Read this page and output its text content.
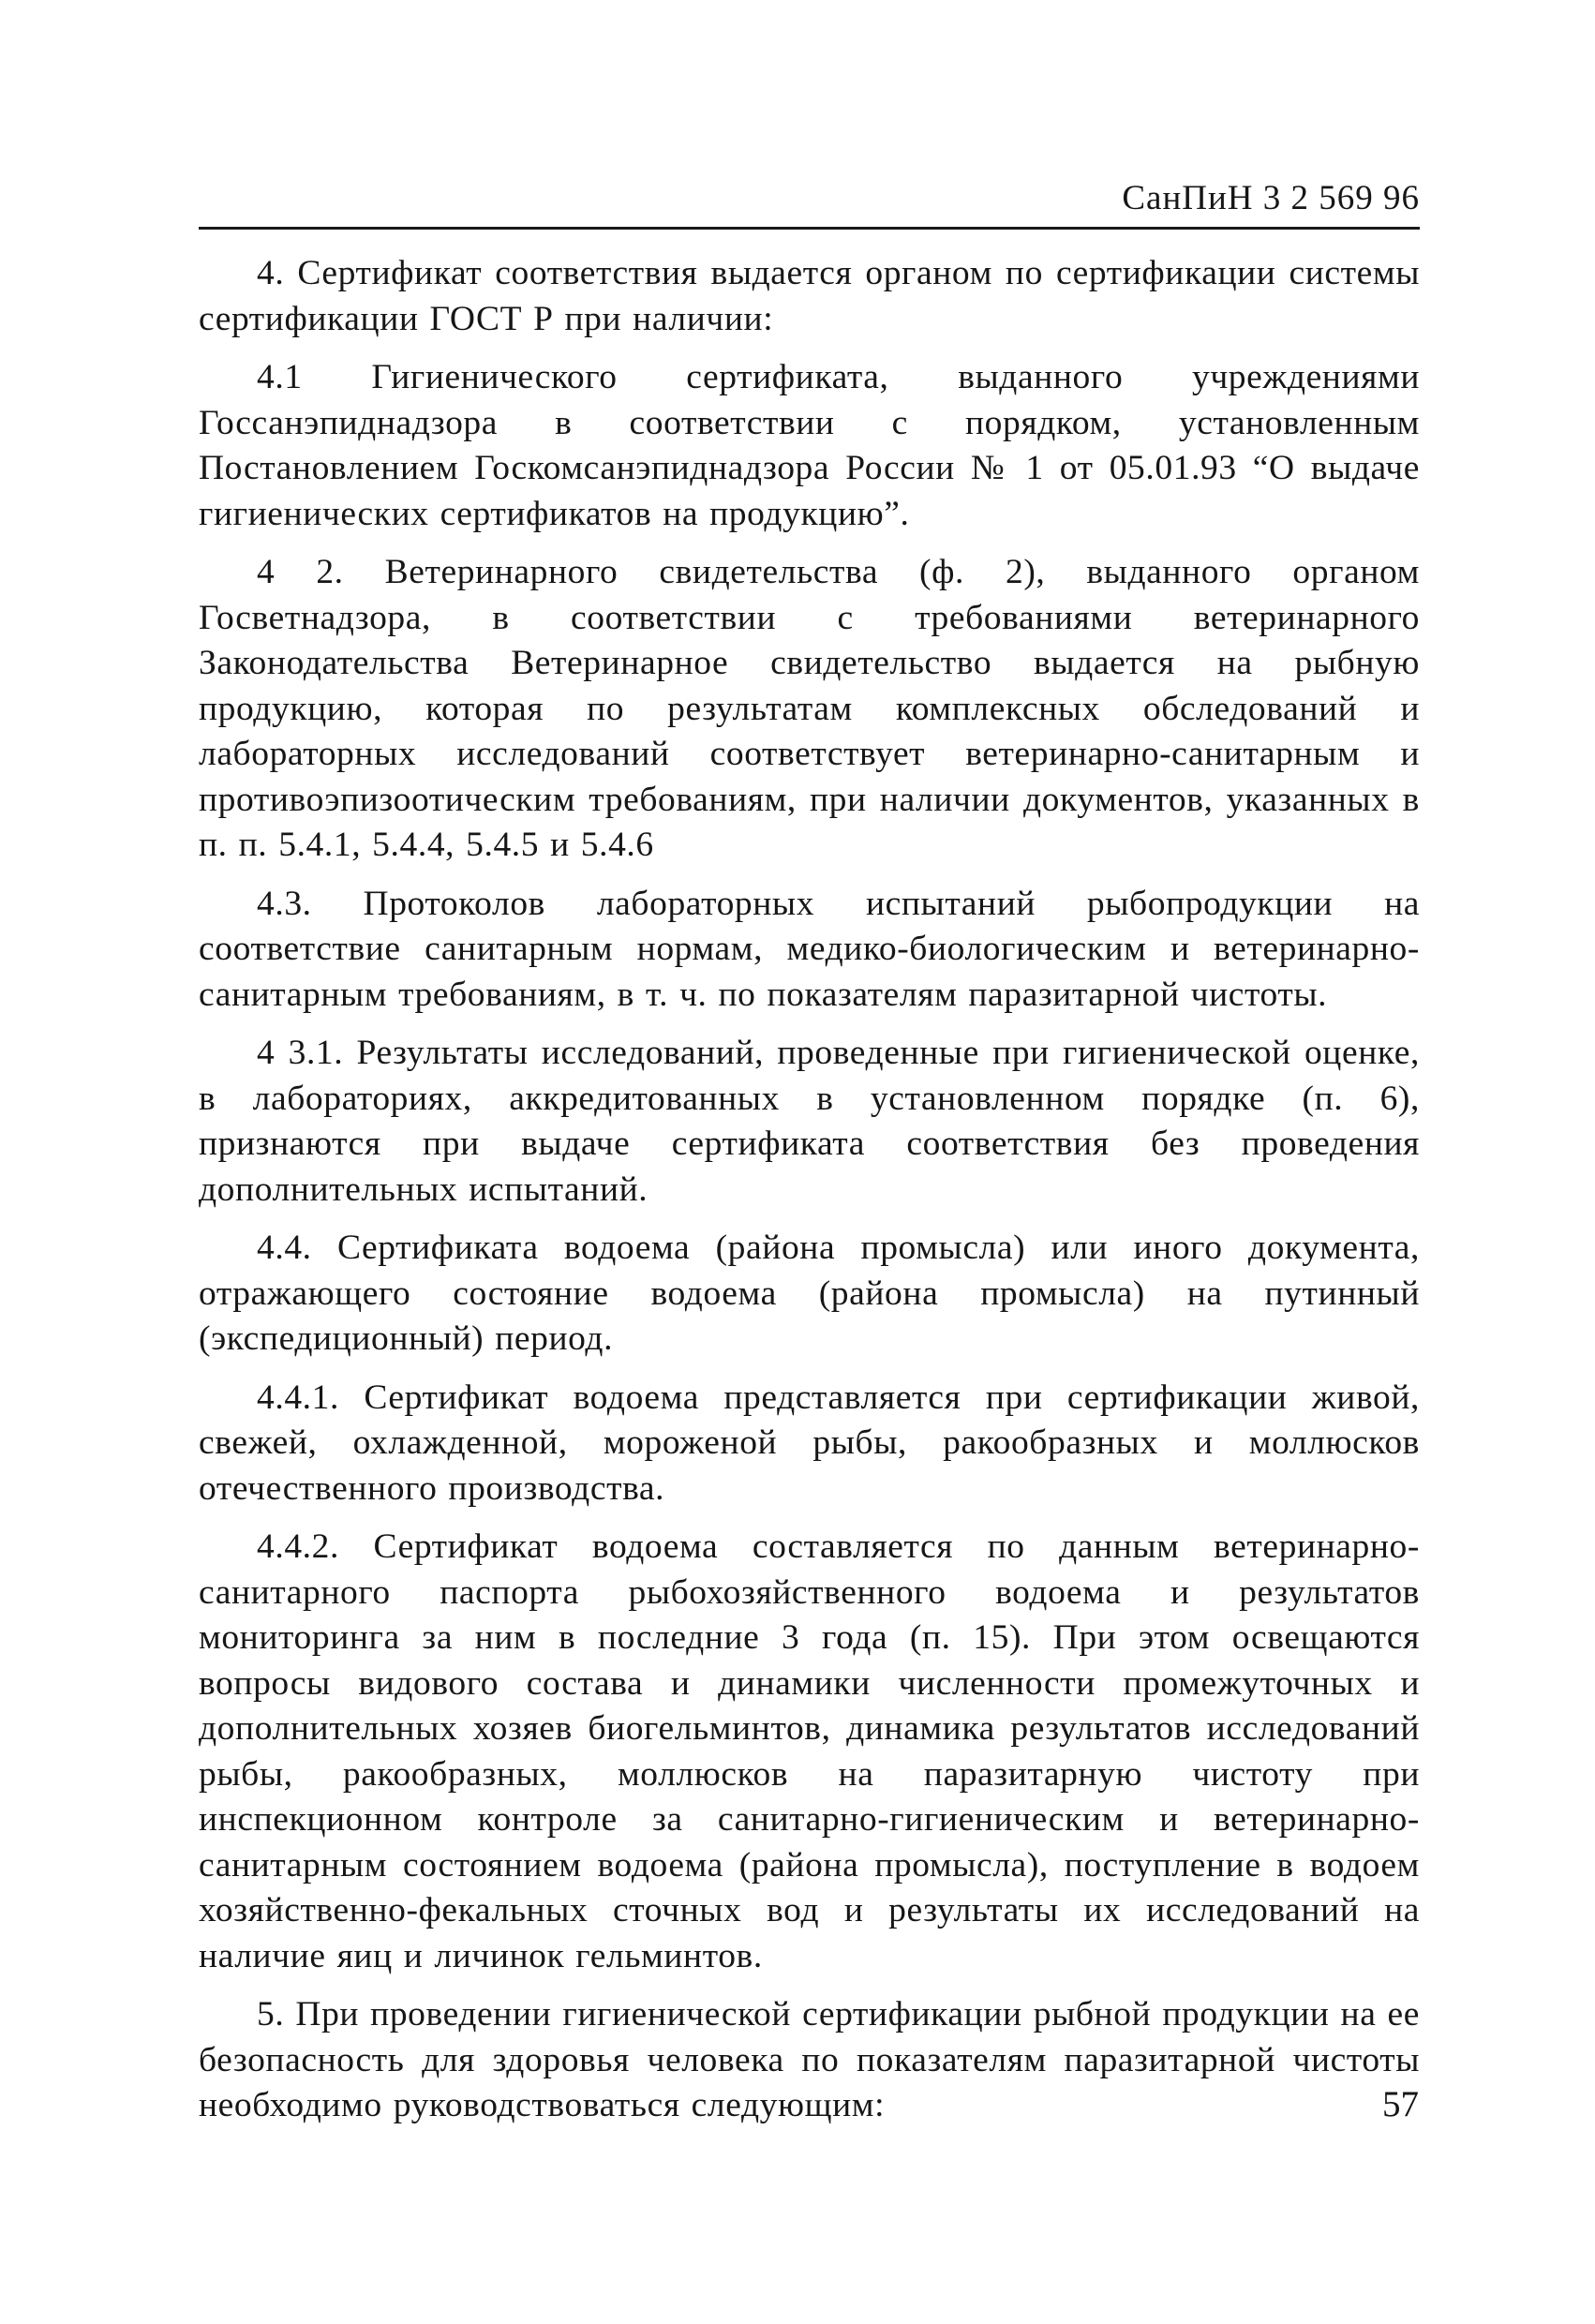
СанПиН 3 2 569 96

4. Сертификат соответствия выдается органом по сертификации системы сертификации ГОСТ Р при наличии:

4.1 Гигиенического сертификата, выданного учреждениями Госсанэпиднадзора в соответствии с порядком, установленным Постановлением Госкомсанэпиднадзора России № 1 от 05.01.93 “О выдаче гигиенических сертификатов на продукцию”.

4 2. Ветеринарного свидетельства (ф. 2), выданного органом Госветнадзора, в соответствии с требованиями ветеринарного Законодательства Ветеринарное свидетельство выдается на рыбную продукцию, которая по результатам комплексных обследований и лабораторных исследований соответствует ветеринарно-санитарным и противоэпизоотическим требованиям, при наличии документов, указанных в п. п. 5.4.1, 5.4.4, 5.4.5 и 5.4.6

4.3. Протоколов лабораторных испытаний рыбопродукции на соответствие санитарным нормам, медико-биологическим и ветеринарно-санитарным требованиям, в т. ч. по показателям паразитарной чистоты.

4 3.1. Результаты исследований, проведенные при гигиенической оценке, в лабораториях, аккредитованных в установленном порядке (п. 6), признаются при выдаче сертификата соответствия без проведения дополнительных испытаний.

4.4. Сертификата водоема (района промысла) или иного документа, отражающего состояние водоема (района промысла) на путинный (экспедиционный) период.

4.4.1. Сертификат водоема представляется при сертификации живой, свежей, охлажденной, мороженой рыбы, ракообразных и моллюсков отечественного производства.

4.4.2. Сертификат водоема составляется по данным ветеринарно-санитарного паспорта рыбохозяйственного водоема и результатов мониторинга за ним в последние 3 года (п. 15). При этом освещаются вопросы видового состава и динамики численности промежуточных и дополнительных хозяев биогельминтов, динамика результатов исследований рыбы, ракообразных, моллюсков на паразитарную чистоту при инспекционном контроле за санитарно-гигиеническим и ветеринарно-санитарным состоянием водоема (района промысла), поступление в водоем хозяйственно-фекальных сточных вод и результаты их исследований на наличие яиц и личинок гельминтов.

5. При проведении гигиенической сертификации рыбной продукции на ее безопасность для здоровья человека по показателям паразитарной чистоты необходимо руководствоваться следующим:	57
